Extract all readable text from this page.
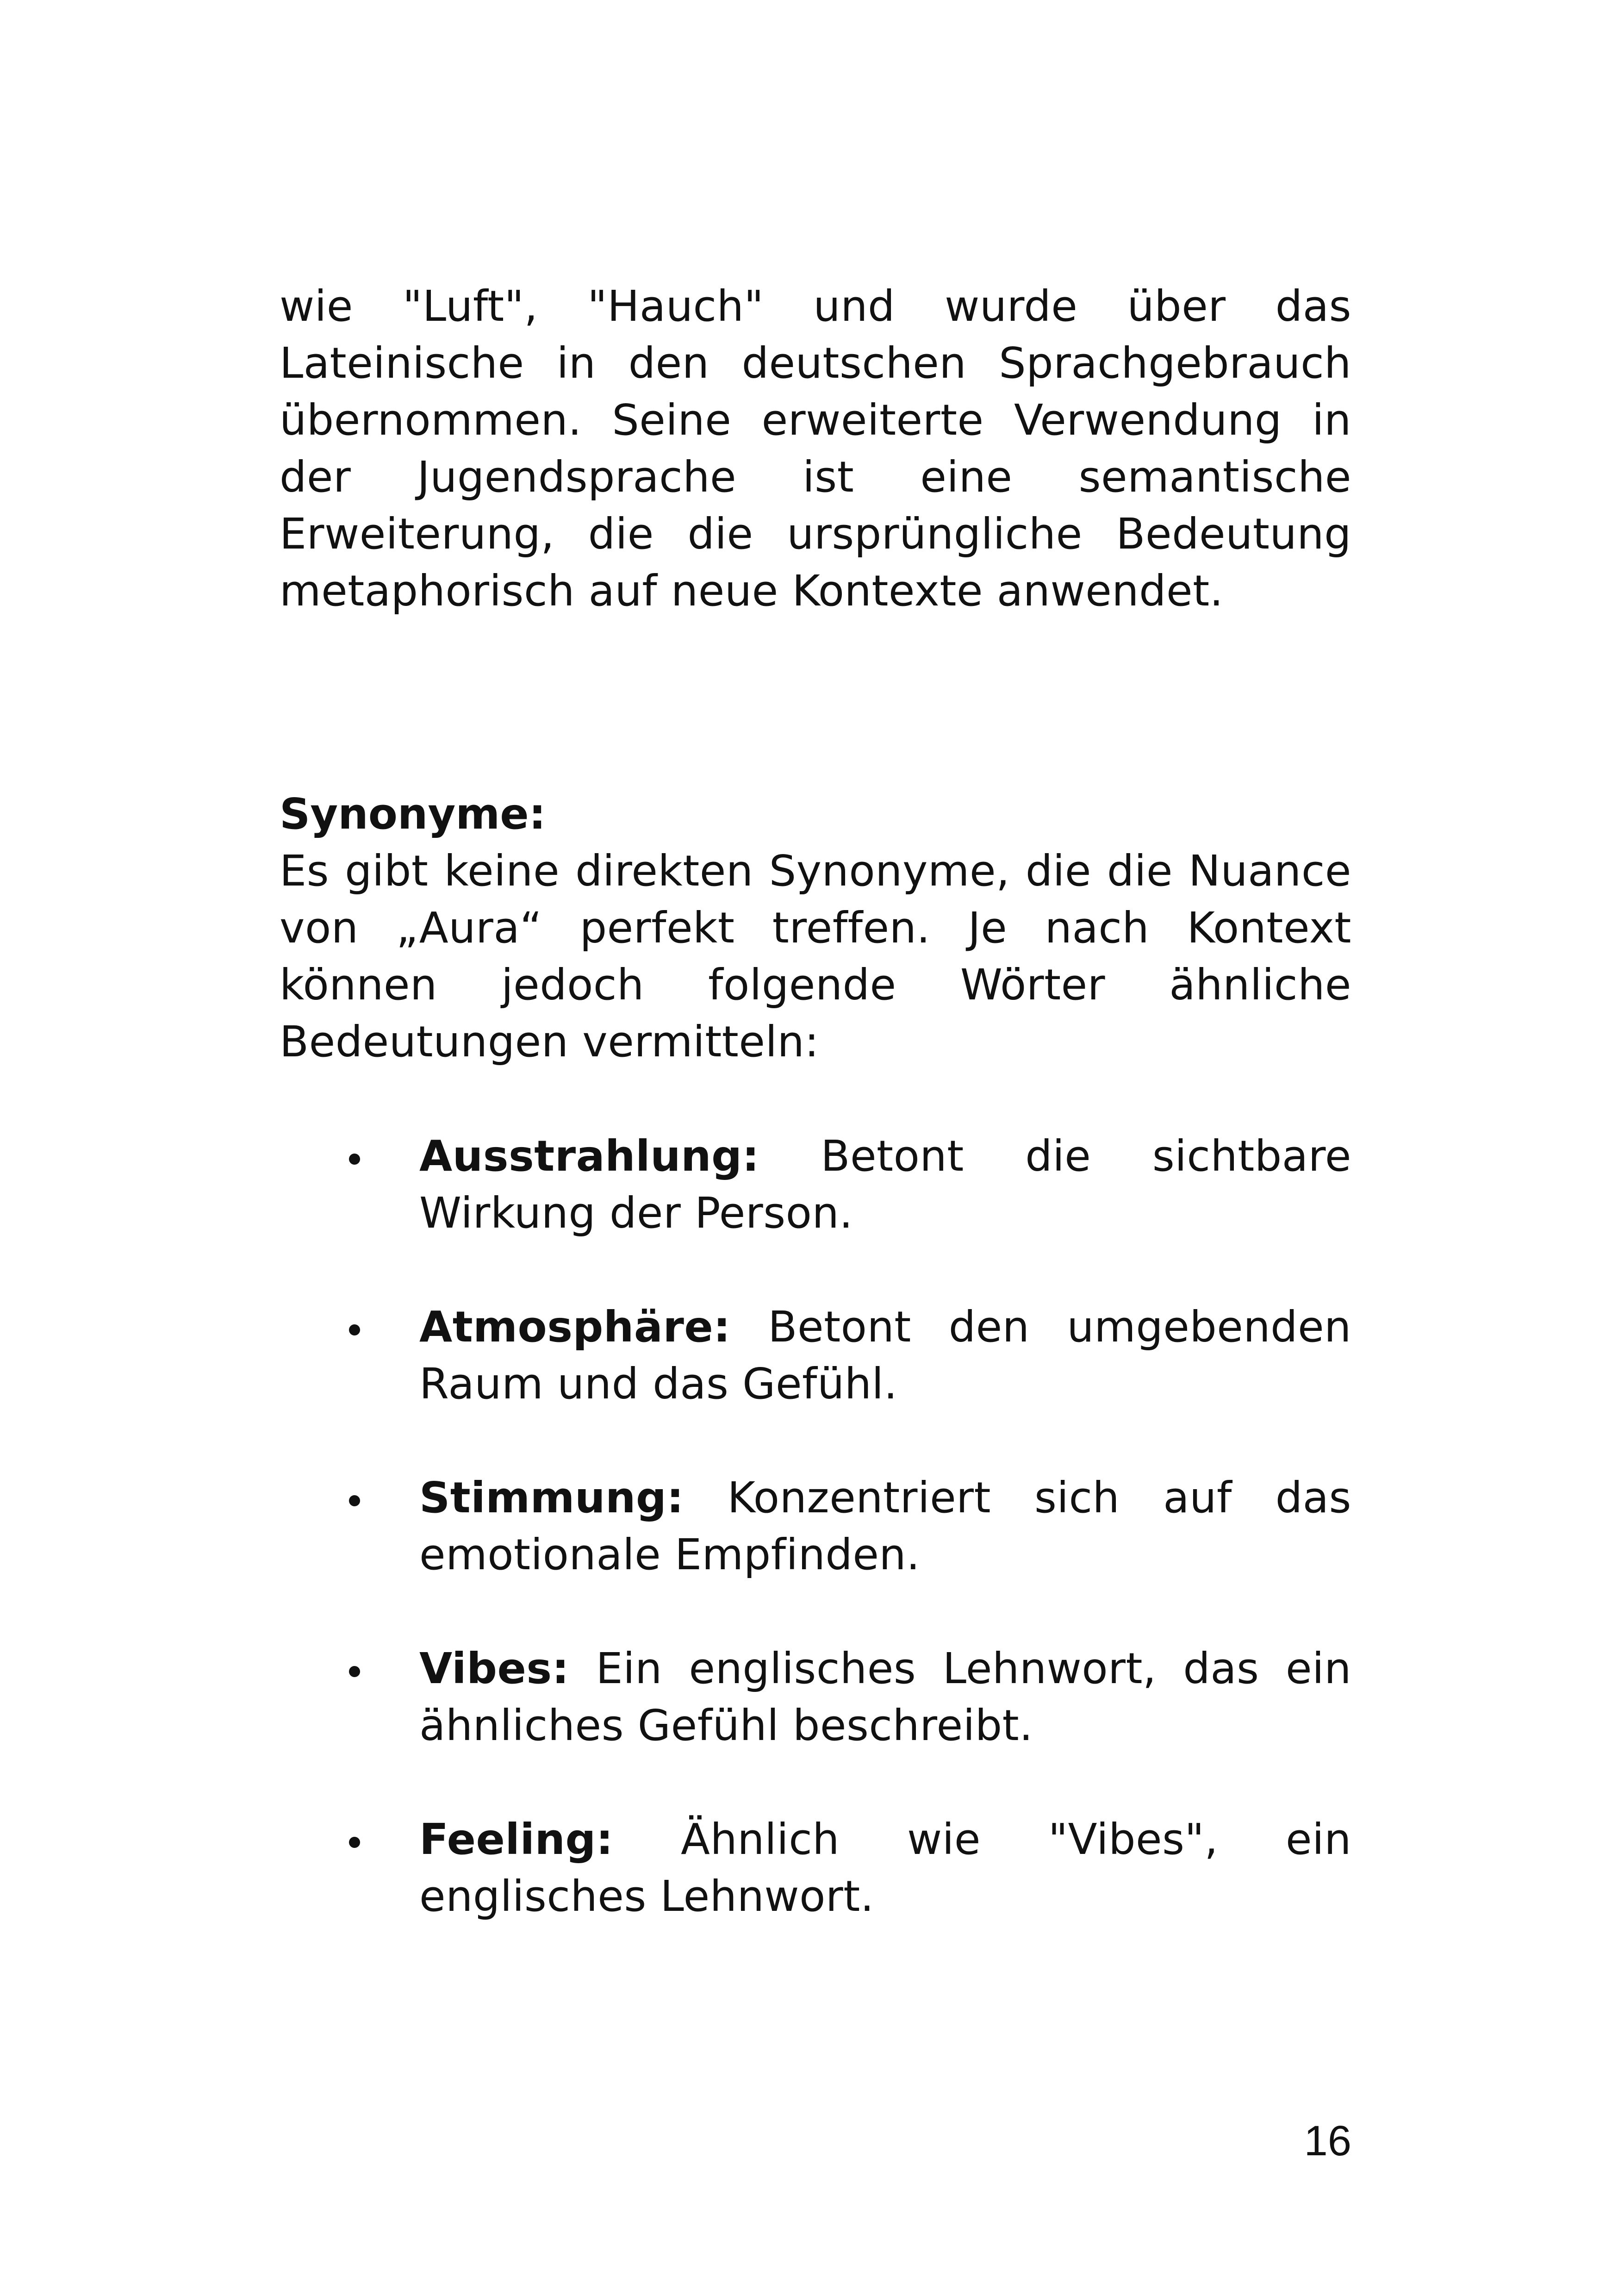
wie "Luft", "Hauch" und wurde über das Lateinische in den deutschen Sprachgebrauch übernommen. Seine erweiterte Verwendung in der Jugendsprache ist eine semantische Erweiterung, die die ursprüngliche Bedeutung metaphorisch auf neue Kontexte anwendet.

Synonyme:

Es gibt keine direkten Synonyme, die die Nuance von „Aura“ perfekt treffen. Je nach Kontext können jedoch folgende Wörter ähnliche Bedeutungen vermitteln:

Ausstrahlung: Betont die sichtbare Wirkung der Person.
Atmosphäre: Betont den umgebenden Raum und das Gefühl.
Stimmung: Konzentriert sich auf das emotionale Empfinden.
Vibes: Ein englisches Lehnwort, das ein ähnliches Gefühl beschreibt.
Feeling: Ähnlich wie "Vibes", ein englisches Lehnwort.
16
